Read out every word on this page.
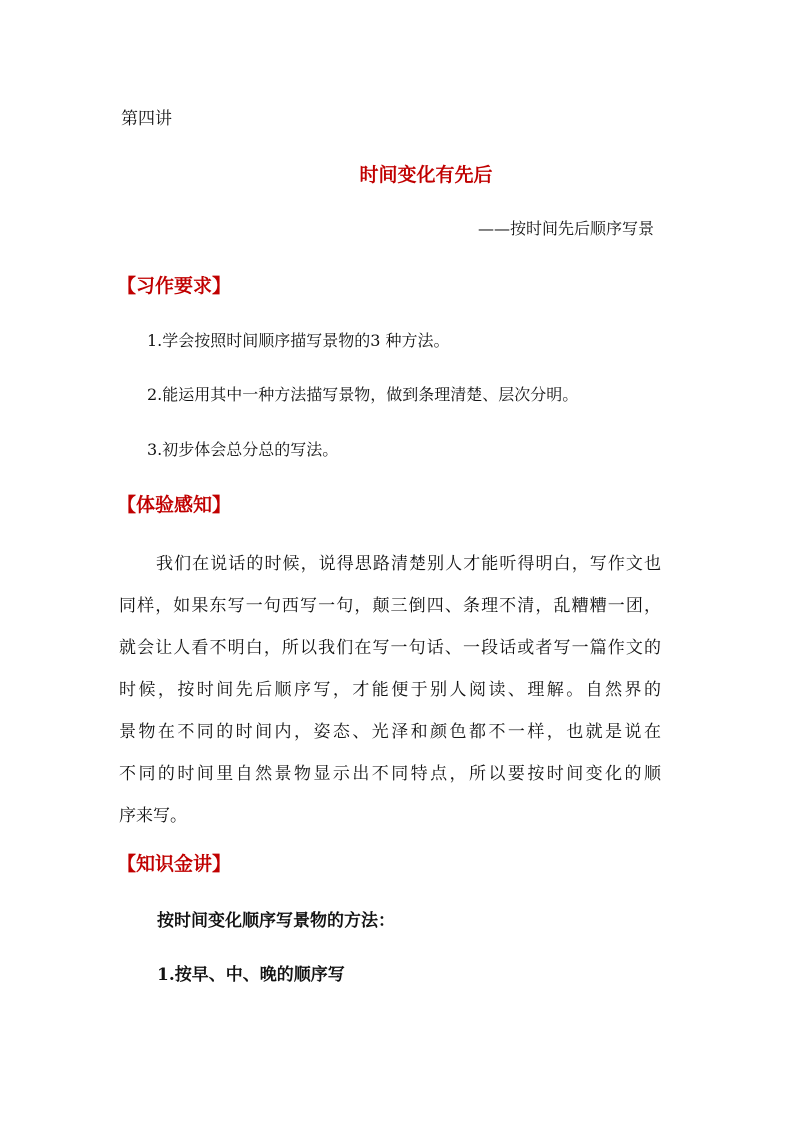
第四讲
时间变化有先后
——按时间先后顺序写景
【习作要求】
1.学会按照时间顺序描写景物的3 种方法。
2.能运用其中一种方法描写景物，做到条理清楚、层次分明。
3.初步体会总分总的写法。
【体验感知】
我们在说话的时候，说得思路清楚别人才能听得明白，写作文也
同样，如果东写一句西写一句，颠三倒四、条理不清，乱糟糟一团，
就会让人看不明白，所以我们在写一句话、一段话或者写一篇作文的
时候，按时间先后顺序写，才能便于别人阅读、理解。自然界的
景物在不同的时间内，姿态、光泽和颜色都不一样，也就是说在
不同的时间里自然景物显示出不同特点，所以要按时间变化的顺
序来写。
【知识金讲】
按时间变化顺序写景物的方法：
1.按早、中、晚的顺序写
